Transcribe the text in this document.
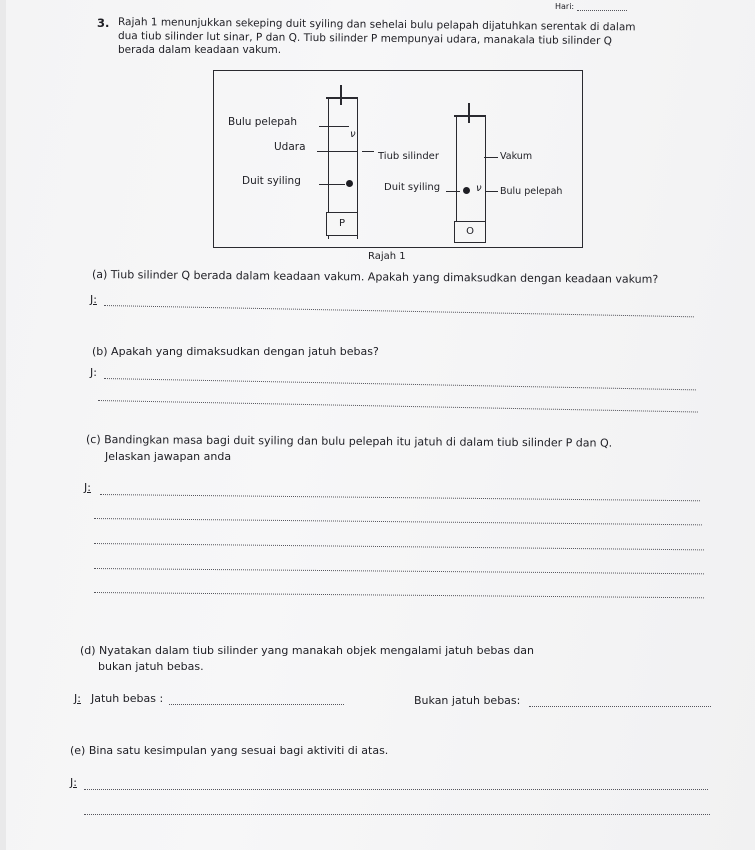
Hari:
3. Rajah 1 menunjukkan sekeping duit syiling dan sehelai bulu pelapah dijatuhkan serentak di dalam
dua tiub silinder lut sinar, P dan Q. Tiub silinder P mempunyai udara, manakala tiub silinder Q
berada dalam keadaan vakum.
P
ν
Bulu pelepah
Udara
Duit syiling
Tiub silinder
Duit syiling
O
ν
Vakum
Bulu pelepah
Rajah 1
(a) Tiub silinder Q berada dalam keadaan vakum. Apakah yang dimaksudkan dengan keadaan vakum?
J:
(b) Apakah yang dimaksudkan dengan jatuh bebas?
J:
(c) Bandingkan masa bagi duit syiling dan bulu pelepah itu jatuh di dalam tiub silinder P dan Q.
Jelaskan jawapan anda
J:
(d) Nyatakan dalam tiub silinder yang manakah objek mengalami jatuh bebas dan
bukan jatuh bebas.
J: Jatuh bebas :	Bukan jatuh bebas:
(e) Bina satu kesimpulan yang sesuai bagi aktiviti di atas.
J:
